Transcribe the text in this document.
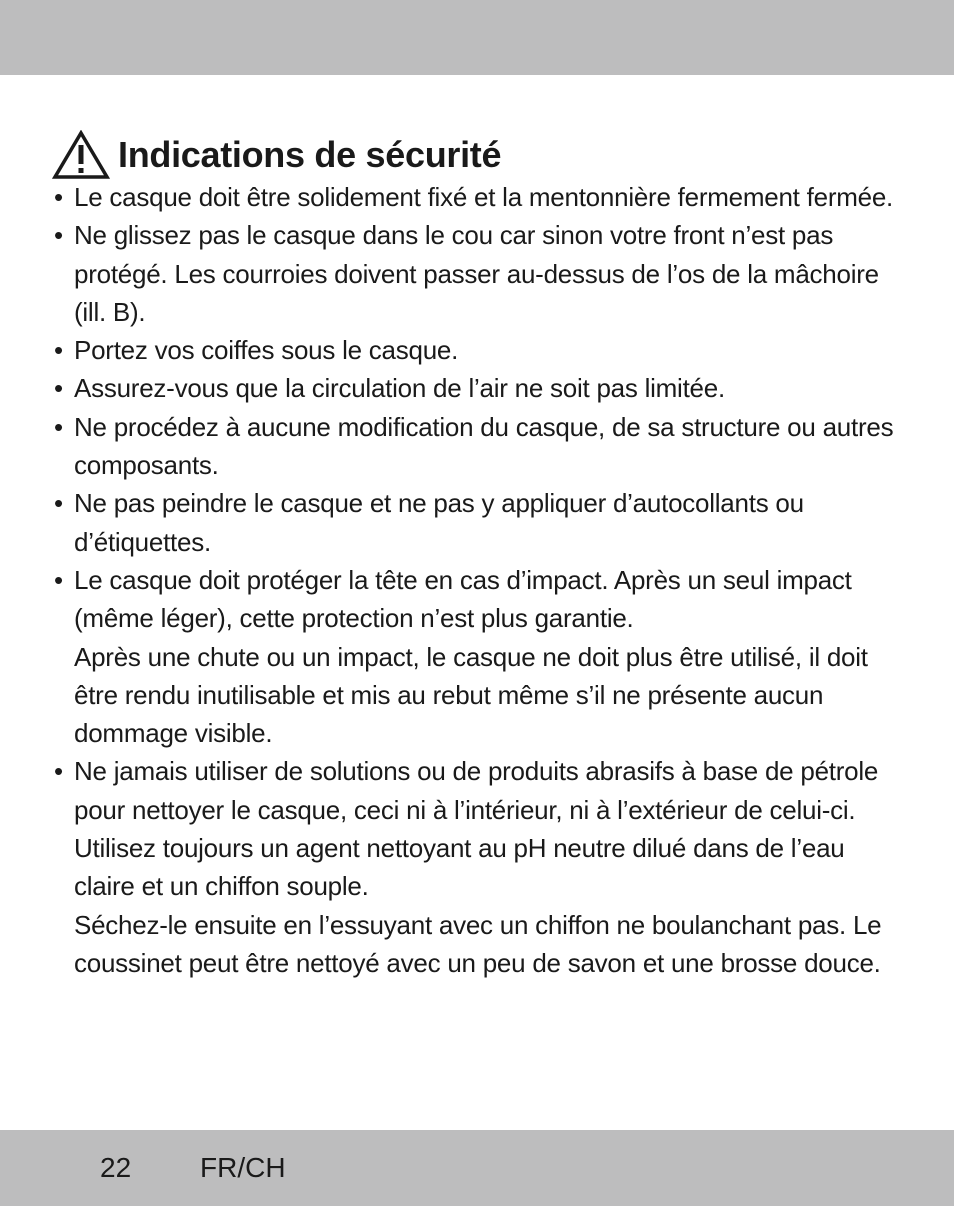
Indications de sécurité
• Le casque doit être solidement fixé et la mentonnière fermement fermée.
• Ne glissez pas le casque dans le cou car sinon votre front n’est pas protégé. Les courroies doivent passer au-dessus de l’os de la mâchoire (ill. B).
• Portez vos coiffes sous le casque.
• Assurez-vous que la circulation de l’air ne soit pas limitée.
• Ne procédez à aucune modification du casque, de sa structure ou autres composants.
• Ne pas peindre le casque et ne pas y appliquer d’autocollants ou d’étiquettes.
• Le casque doit protéger la tête en cas d’impact. Après un seul impact (même léger), cette protection n’est plus garantie.
Après une chute ou un impact, le casque ne doit plus être utilisé, il doit être rendu inutilisable et mis au rebut même s’il ne présente aucun dommage visible.
• Ne jamais utiliser de solutions ou de produits abrasifs à base de pétrole pour nettoyer le casque, ceci ni à l’intérieur, ni à l’extérieur de celui-ci. Utilisez toujours un agent nettoyant au pH neutre dilué dans de l’eau claire et un chiffon souple.
Séchez-le ensuite en l’essuyant avec un chiffon ne boulanchant pas. Le coussinet peut être nettoyé avec un peu de savon et une brosse douce.
22 FR/CH
